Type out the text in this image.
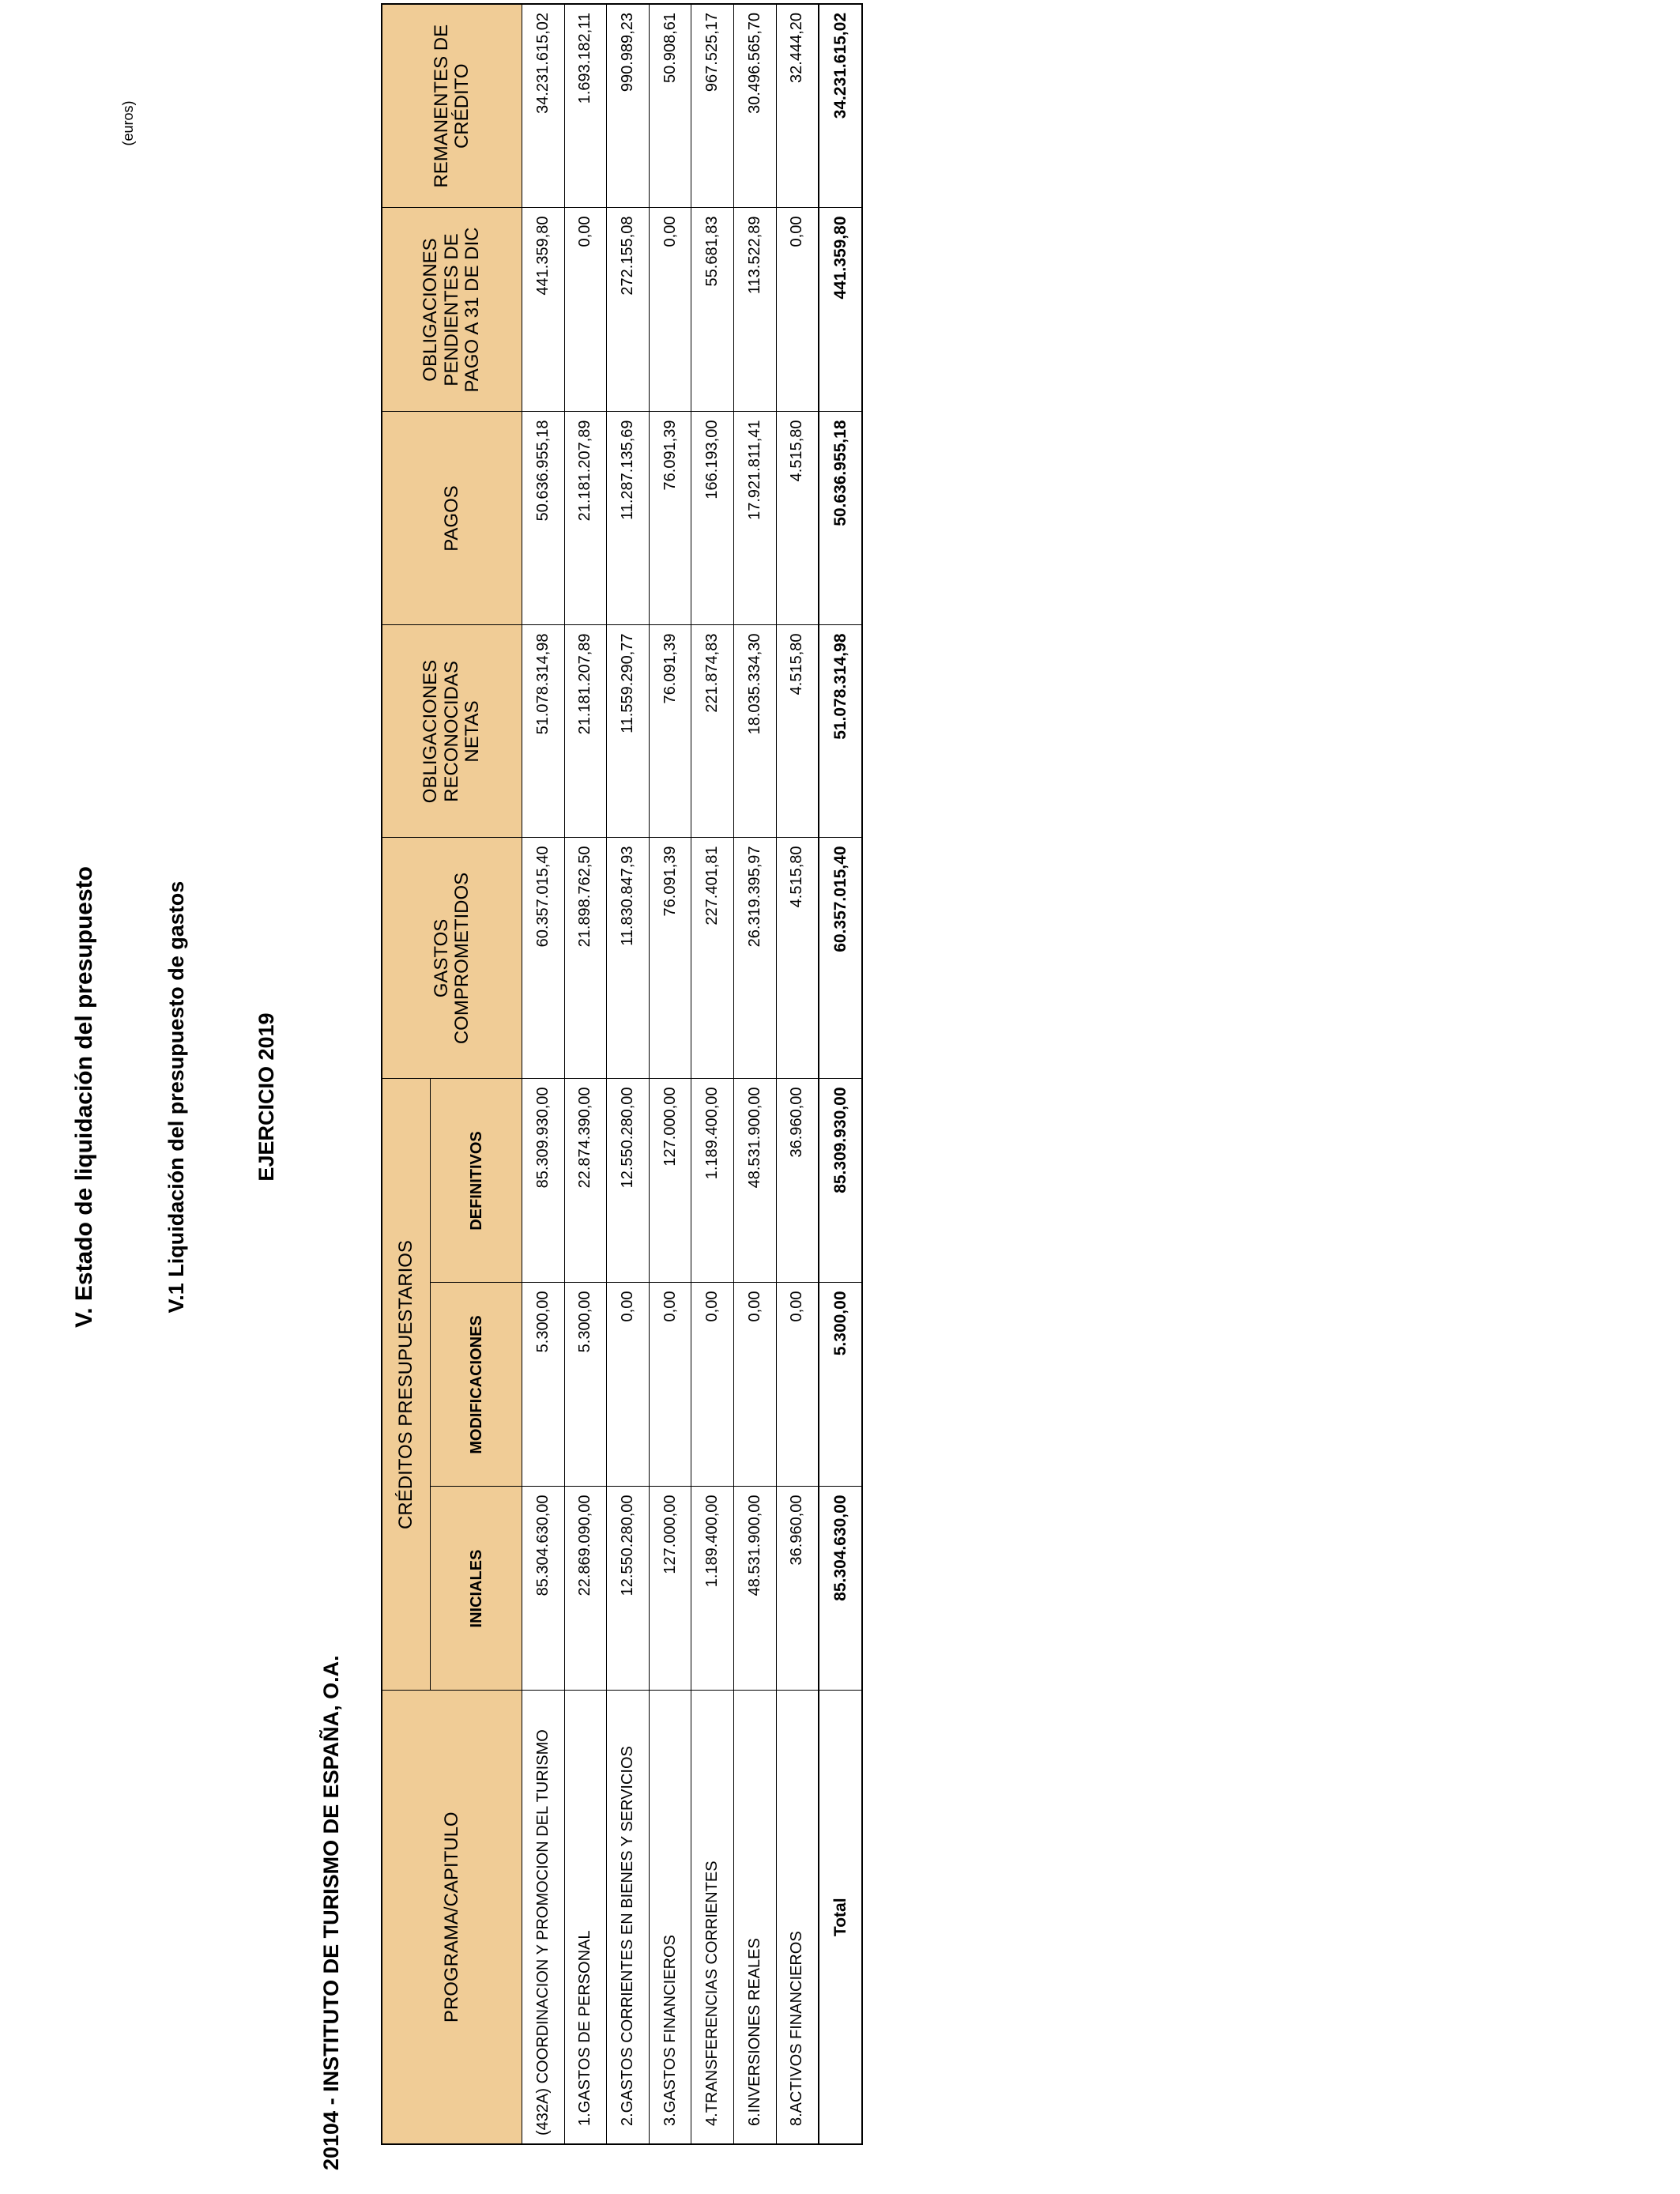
V. Estado de liquidación del presupuesto	V.1 Liquidación del presupuesto de gastos	EJERCICIO 2019
20104 - INSTITUTO DE TURISMO DE ESPAÑA, O.A.
(euros)
PROGRAMA/CAPITULO	CRÉDITOS PRESUPUESTARIOS			GASTOS COMPROMETIDOS	OBLIGACIONES RECONOCIDAS NETAS	PAGOS	OBLIGACIONES PENDIENTES DE PAGO A 31 DE DIC	REMANENTES DE CRÉDITO
	INICIALES	MODIFICACIONES	DEFINITIVOS					
(432A) COORDINACION Y PROMOCION DEL TURISMO	85.304.630,00	5.300,00	85.309.930,00	60.357.015,40	51.078.314,98	50.636.955,18	441.359,80	34.231.615,02
1.GASTOS DE PERSONAL	22.869.090,00	5.300,00	22.874.390,00	21.898.762,50	21.181.207,89	21.181.207,89	0,00	1.693.182,11
2.GASTOS CORRIENTES EN BIENES Y SERVICIOS	12.550.280,00	0,00	12.550.280,00	11.830.847,93	11.559.290,77	11.287.135,69	272.155,08	990.989,23
3.GASTOS FINANCIEROS	127.000,00	0,00	127.000,00	76.091,39	76.091,39	76.091,39	0,00	50.908,61
4.TRANSFERENCIAS CORRIENTES	1.189.400,00	0,00	1.189.400,00	227.401,81	221.874,83	166.193,00	55.681,83	967.525,17
6.INVERSIONES REALES	48.531.900,00	0,00	48.531.900,00	26.319.395,97	18.035.334,30	17.921.811,41	113.522,89	30.496.565,70
8.ACTIVOS FINANCIEROS	36.960,00	0,00	36.960,00	4.515,80	4.515,80	4.515,80	0,00	32.444,20
Total	85.304.630,00	5.300,00	85.309.930,00	60.357.015,40	51.078.314,98	50.636.955,18	441.359,80	34.231.615,02
